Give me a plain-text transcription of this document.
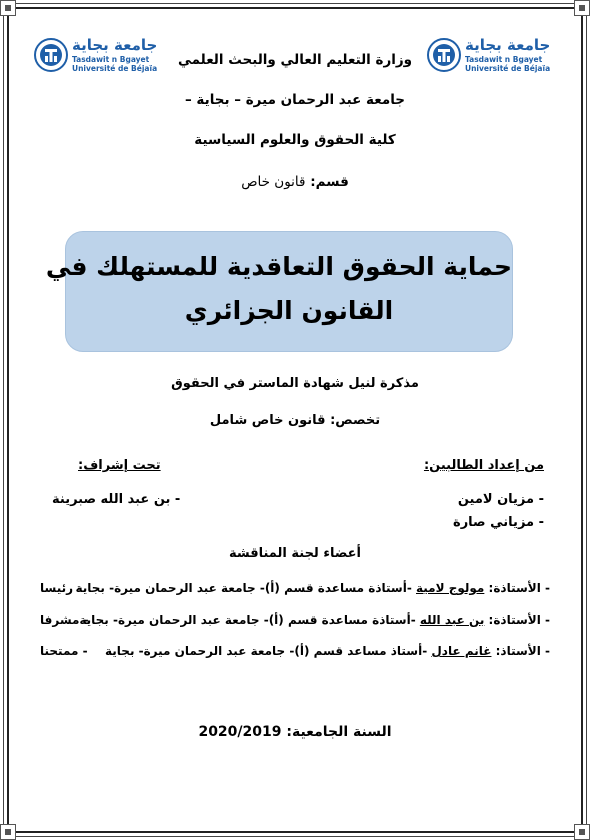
جامعة بجاية
Tasdawit n Bgayet
Université de Béjaïa
جامعة بجاية
Tasdawit n Bgayet
Université de Béjaïa
وزارة التعليم العالي والبحث العلمي
جامعة عبد الرحمان ميرة – بجاية –
كلية الحقوق والعلوم السياسية
قسم: قانون خاص
حماية الحقوق التعاقدية للمستهلك في
القانون الجزائري
مذكرة لنيل شهادة الماستر في الحقوق
تخصص: قانون خاص شامل
من إعداد الطالبين:
تحت إشراف:
- مزيان لامين
- مزياني صارة
- بن عبد الله صبرينة
أعضاء لجنة المناقشة
- الأستاذة: مولوج لامية -أستاذة مساعدة قسم (أ)- جامعة عبد الرحمان ميرة- بجاية
- رئيسا
- الأستاذة: بن عبد الله -أستاذة مساعدة قسم (أ)- جامعة عبد الرحمان ميرة- بجاية
- مشرفا
- الأستاذ: غانم عادل -أستاذ مساعد قسم (أ)- جامعة عبد الرحمان ميرة- بجاية
- ممتحنا
السنة الجامعية: 2020/2019
